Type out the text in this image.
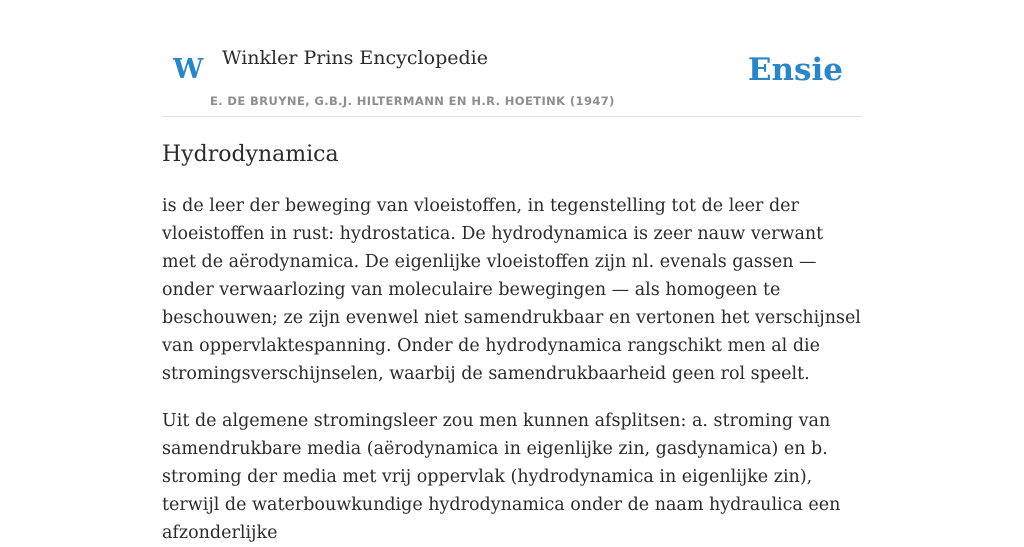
W Winkler Prins Encyclopedie
E. DE BRUYNE, G.B.J. HILTERMANN EN H.R. HOETINK (1947)
Ensie
Hydrodynamica

is de leer der beweging van vloeistoffen, in tegenstelling tot de leer der vloeistoffen in rust: hydrostatica. De hydrodynamica is zeer nauw verwant met de aërodynamica. De eigenlijke vloeistoffen zijn nl. evenals gassen — onder verwaarlozing van moleculaire bewegingen — als homogeen te beschouwen; ze zijn evenwel niet samendrukbaar en vertonen het verschijnsel van oppervlaktespanning. Onder de hydrodynamica rangschikt men al die stromingsverschijnselen, waarbij de samendrukbaarheid geen rol speelt.

Uit de algemene stromingsleer zou men kunnen afsplitsen: a. stroming van samendrukbare media (aërodynamica in eigenlijke zin, gasdynamica) en b. stroming der media met vrij oppervlak (hydrodynamica in eigenlijke zin), terwijl de waterbouwkundige hydrodynamica onder de naam hydraulica een afzonderlijke
